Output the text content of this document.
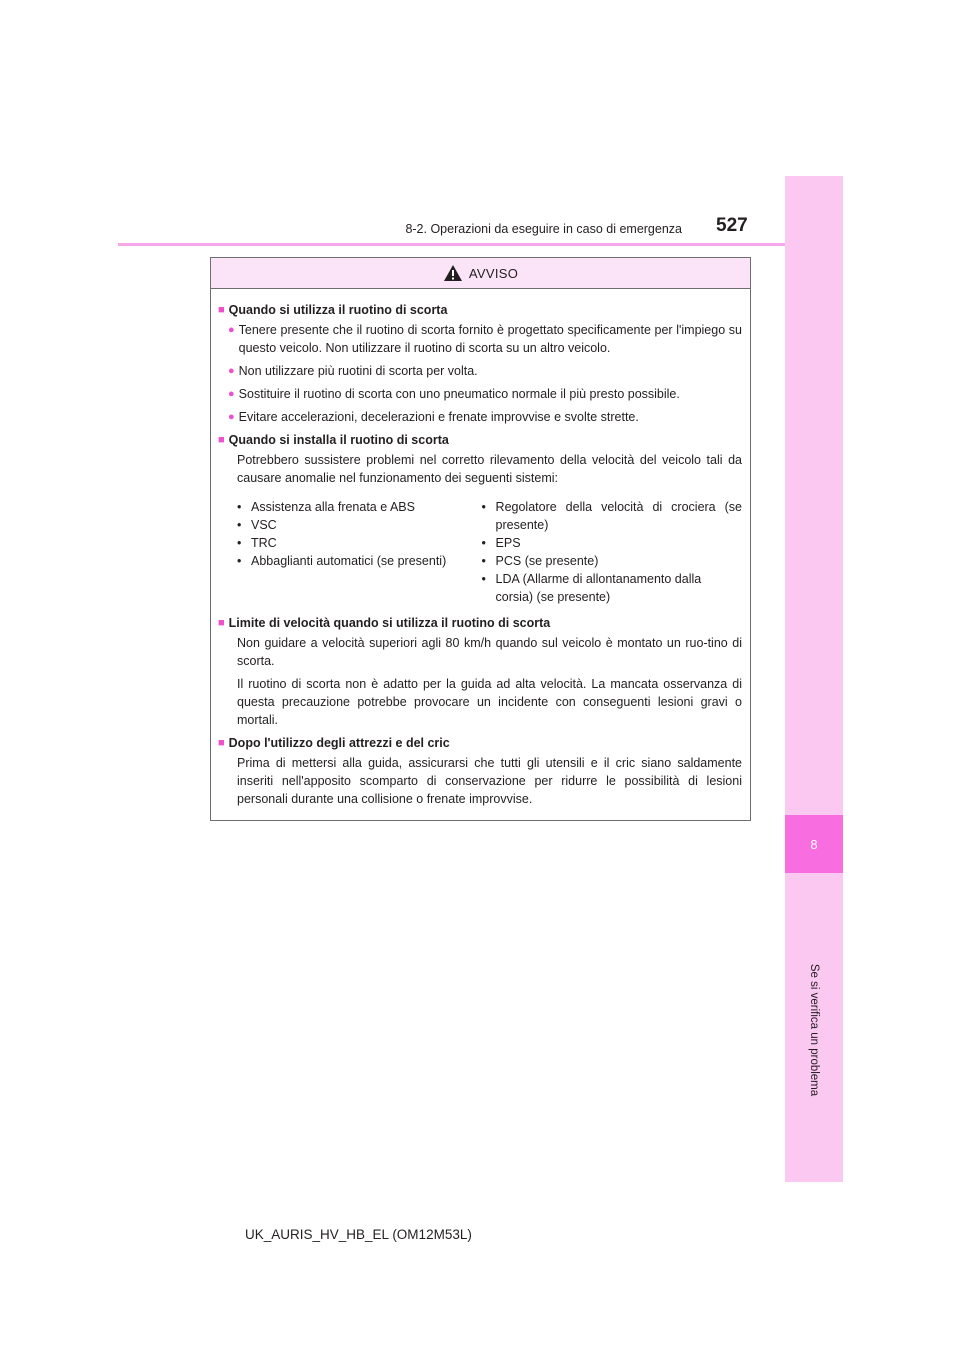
8
Se si verifica un problema
8-2. Operazioni da eseguire in caso di emergenza 527
AVVISO
■ Quando si utilizza il ruotino di scorta
● Tenere presente che il ruotino di scorta fornito è progettato specificamente per l'impiego su questo veicolo. Non utilizzare il ruotino di scorta su un altro veicolo.
● Non utilizzare più ruotini di scorta per volta.
● Sostituire il ruotino di scorta con uno pneumatico normale il più presto possibile.
● Evitare accelerazioni, decelerazioni e frenate improvvise e svolte strette.
■ Quando si installa il ruotino di scorta
Potrebbero sussistere problemi nel corretto rilevamento della velocità del veicolo tali da causare anomalie nel funzionamento dei seguenti sistemi:
• Assistenza alla frenata e ABS
• VSC
• TRC
• Abbaglianti automatici (se presenti)
• Regolatore della velocità di crociera (se presente)
• EPS
• PCS (se presente)
• LDA (Allarme di allontanamento dalla corsia) (se presente)
■ Limite di velocità quando si utilizza il ruotino di scorta
Non guidare a velocità superiori agli 80 km/h quando sul veicolo è montato un ruo-tino di scorta.
Il ruotino di scorta non è adatto per la guida ad alta velocità. La mancata osservanza di questa precauzione potrebbe provocare un incidente con conseguenti lesioni gravi o mortali.
■ Dopo l'utilizzo degli attrezzi e del cric
Prima di mettersi alla guida, assicurarsi che tutti gli utensili e il cric siano saldamente inseriti nell'apposito scomparto di conservazione per ridurre le possibilità di lesioni personali durante una collisione o frenate improvvise.
UK_AURIS_HV_HB_EL (OM12M53L)
